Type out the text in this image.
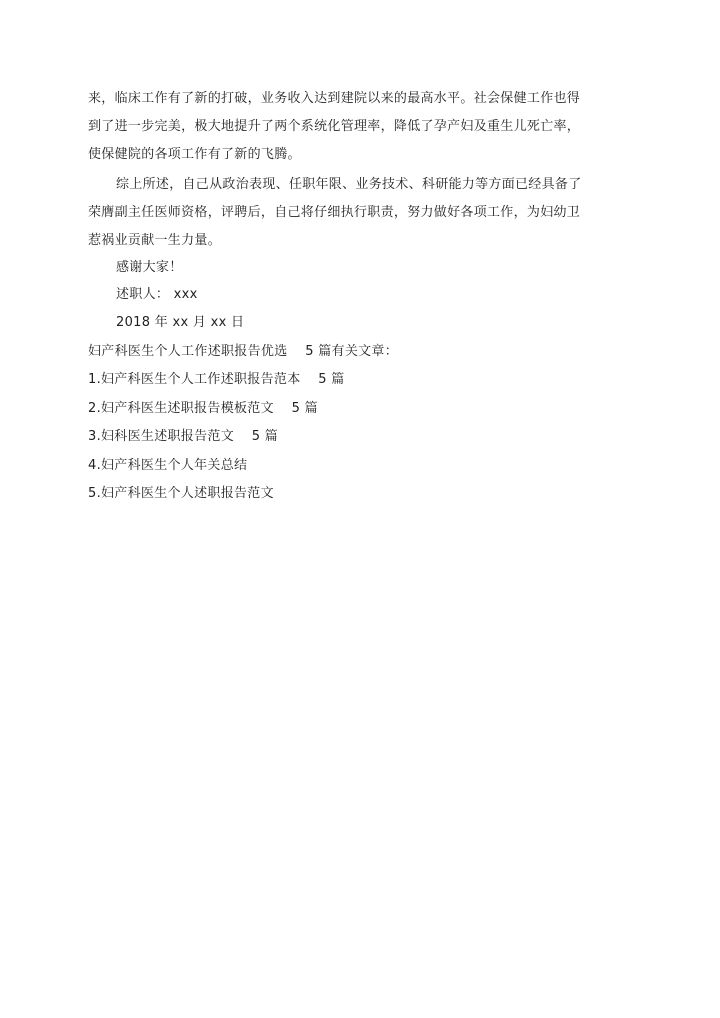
来，临床工作有了新的打破，业务收入达到建院以来的最高水平。社会保健工作也得
到了进一步完美，极大地提升了两个系统化管理率，降低了孕产妇及重生儿死亡率，
使保健院的各项工作有了新的飞腾。
综上所述，自己从政治表现、任职年限、业务技术、科研能力等方面已经具备了
荣膺副主任医师资格，评聘后，自己将仔细执行职责，努力做好各项工作，为妇幼卫
惹祸业贡献一生力量。
感谢大家！
述职人： xxx
2018 年 xx 月 xx 日
妇产科医生个人工作述职报告优选　 5 篇有关文章：
1.妇产科医生个人工作述职报告范本　 5 篇
2.妇产科医生述职报告模板范文　 5 篇
3.妇科医生述职报告范文　 5 篇
4.妇产科医生个人年关总结
5.妇产科医生个人述职报告范文
